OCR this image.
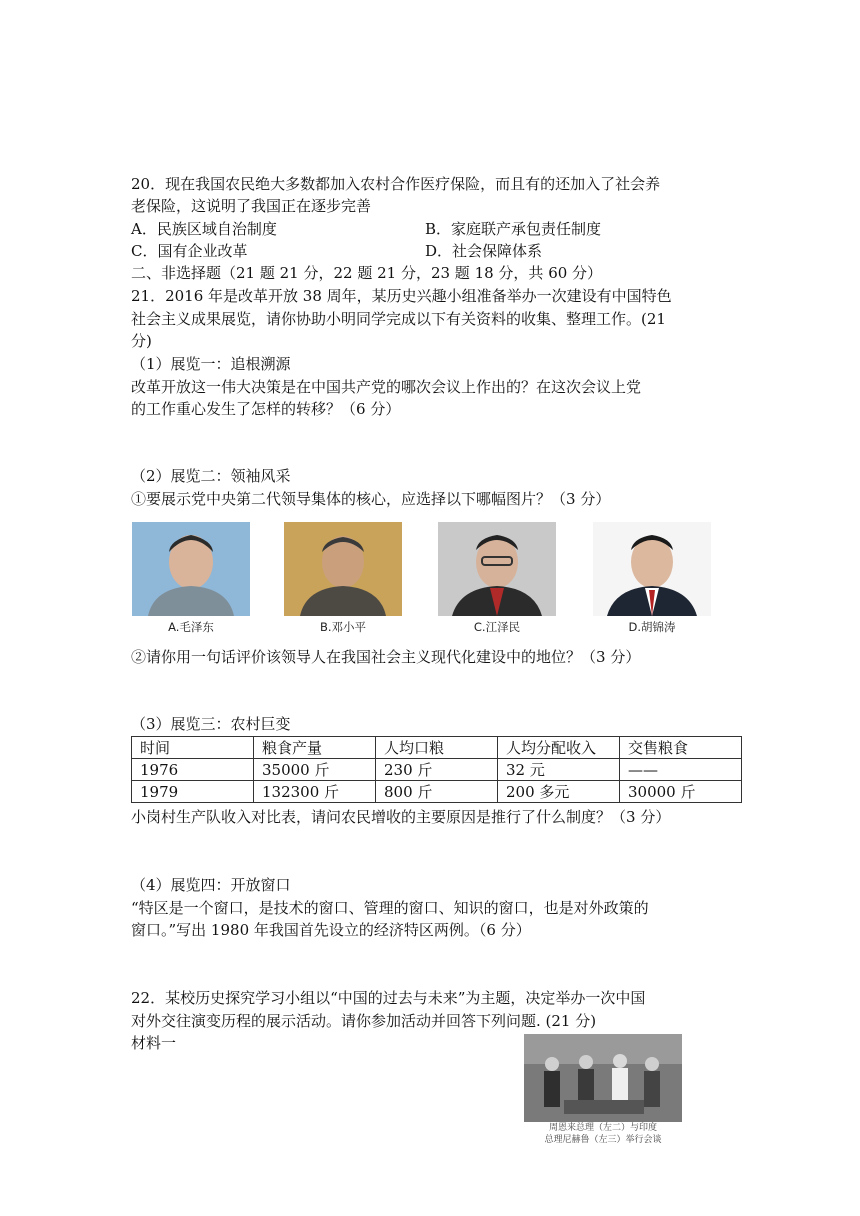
20．现在我国农民绝大多数都加入农村合作医疗保险，而且有的还加入了社会养
老保险，这说明了我国正在逐步完善
A．民族区域自治制度	B．家庭联产承包责任制度
C．国有企业改革	D．社会保障体系
二、非选择题（21 题 21 分，22 题 21 分，23 题 18 分，共 60 分）
21．2016 年是改革开放 38 周年，某历史兴趣小组准备举办一次建设有中国特色
社会主义成果展览，请你协助小明同学完成以下有关资料的收集、整理工作。(21
分)
（1）展览一：追根溯源
改革开放这一伟大决策是在中国共产党的哪次会议上作出的？在这次会议上党
的工作重心发生了怎样的转移？（6 分）
（2）展览二：领袖风采
①要展示党中央第二代领导集体的核心，应选择以下哪幅图片？（3 分）
A.毛泽东	B.邓小平	C.江泽民	D.胡锦涛
②请你用一句话评价该领导人在我国社会主义现代化建设中的地位？（3 分）
（3）展览三：农村巨变
时间	粮食产量	人均口粮	人均分配收入	交售粮食
1976	35000 斤	230 斤	32 元	——
1979	132300 斤	800 斤	200 多元	30000 斤
小岗村生产队收入对比表，请问农民增收的主要原因是推行了什么制度？（3 分）
（4）展览四：开放窗口
“特区是一个窗口，是技术的窗口、管理的窗口、知识的窗口，也是对外政策的
窗口。”写出 1980 年我国首先设立的经济特区两例。（6 分）
22．某校历史探究学习小组以“中国的过去与未来”为主题，决定举办一次中国
对外交往演变历程的展示活动。请你参加活动并回答下列问题. (21 分)
材料一
周恩来总理（左二）与印度
总理尼赫鲁（左三）举行会谈
